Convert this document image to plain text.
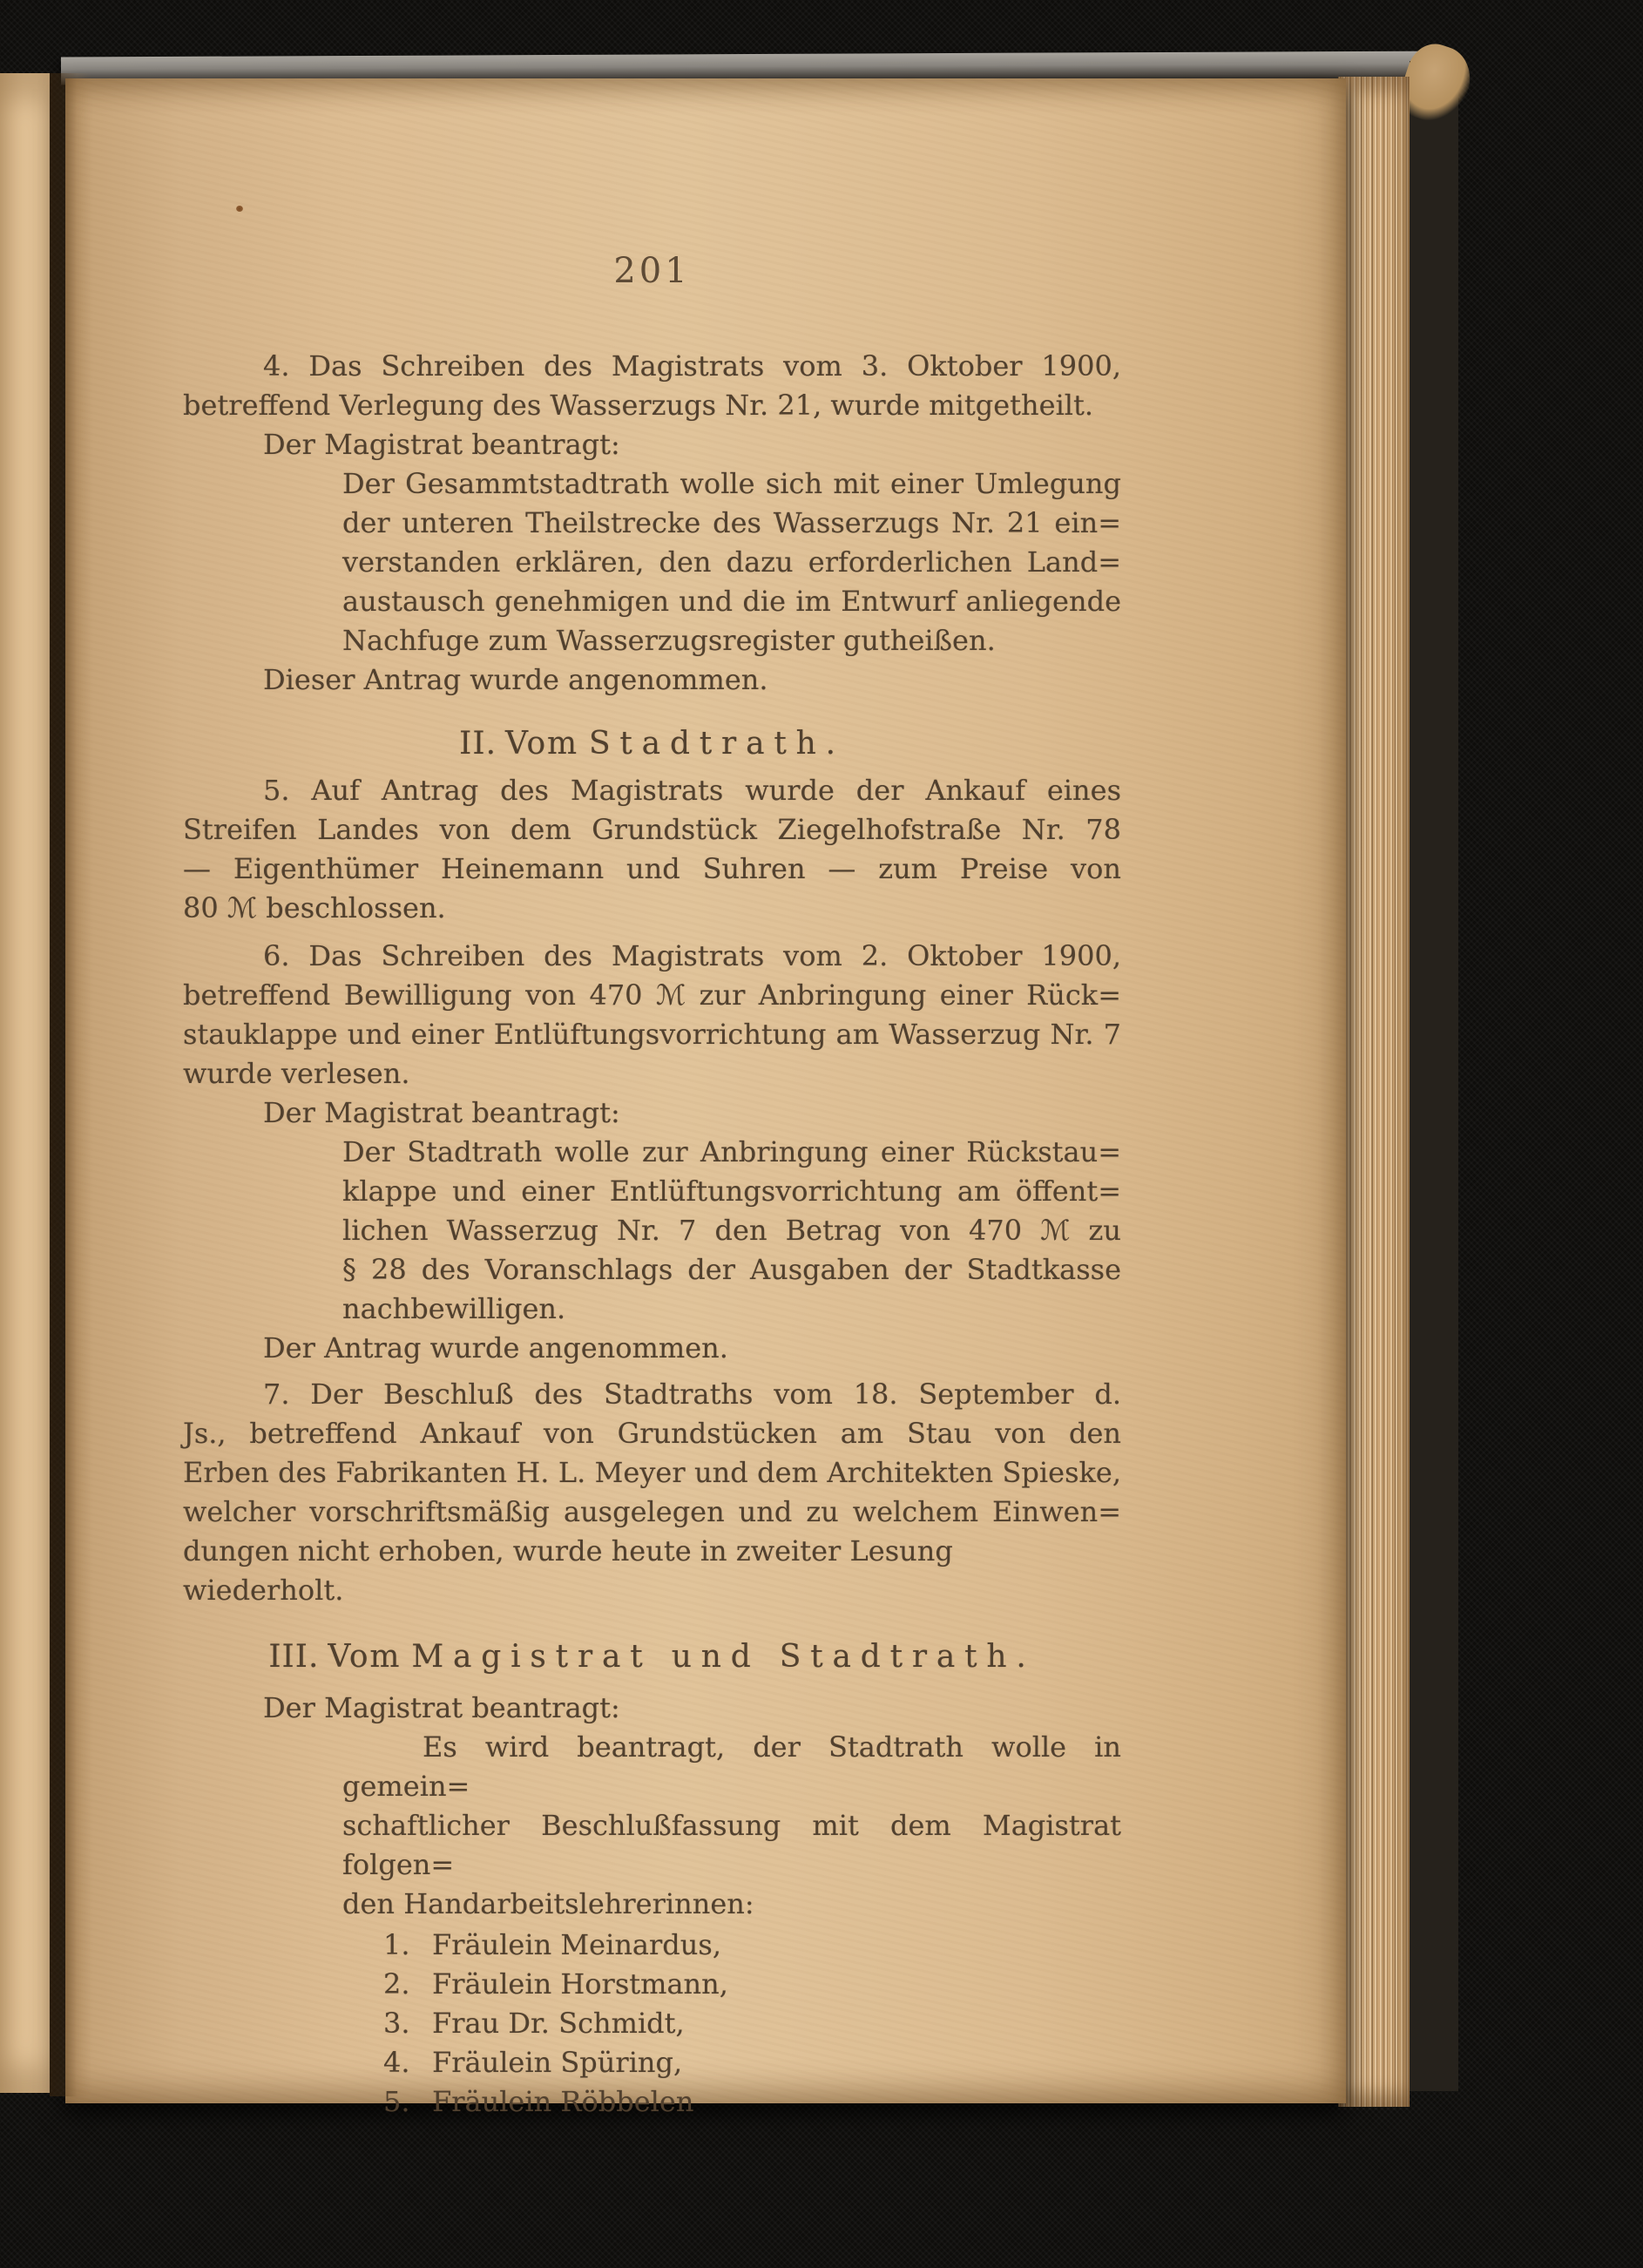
201
4. Das Schreiben des Magistrats vom 3. Oktober 1900,
betreffend Verlegung des Wasserzugs Nr. 21, wurde mitgetheilt.
Der Magistrat beantragt:
Der Gesammtstadtrath wolle sich mit einer Umlegung
der unteren Theilstrecke des Wasserzugs Nr. 21 ein=
verstanden erklären, den dazu erforderlichen Land=
austausch genehmigen und die im Entwurf anliegende
Nachfuge zum Wasserzugsregister gutheißen.
Dieser Antrag wurde angenommen.
II. Vom Stadtrath.
5. Auf Antrag des Magistrats wurde der Ankauf eines
Streifen Landes von dem Grundstück Ziegelhofstraße Nr. 78
— Eigenthümer Heinemann und Suhren — zum Preise von
80 ℳ beschlossen.
6. Das Schreiben des Magistrats vom 2. Oktober 1900,
betreffend Bewilligung von 470 ℳ zur Anbringung einer Rück=
stauklappe und einer Entlüftungsvorrichtung am Wasserzug Nr. 7
wurde verlesen.
Der Magistrat beantragt:
Der Stadtrath wolle zur Anbringung einer Rückstau=
klappe und einer Entlüftungsvorrichtung am öffent=
lichen Wasserzug Nr. 7 den Betrag von 470 ℳ zu
§ 28 des Voranschlags der Ausgaben der Stadtkasse
nachbewilligen.
Der Antrag wurde angenommen.
7. Der Beschluß des Stadtraths vom 18. September d.
Js., betreffend Ankauf von Grundstücken am Stau von den
Erben des Fabrikanten H. L. Meyer und dem Architekten Spieske,
welcher vorschriftsmäßig ausgelegen und zu welchem Einwen=
dungen nicht erhoben, wurde heute in zweiter Lesung wiederholt.
III. Vom Magistrat und Stadtrath.
Der Magistrat beantragt:
Es wird beantragt, der Stadtrath wolle in gemein=
schaftlicher Beschlußfassung mit dem Magistrat folgen=
den Handarbeitslehrerinnen:
1. Fräulein Meinardus,
2. Fräulein Horstmann,
3. Frau Dr. Schmidt,
4. Fräulein Spüring,
5. Fräulein Röbbelen
